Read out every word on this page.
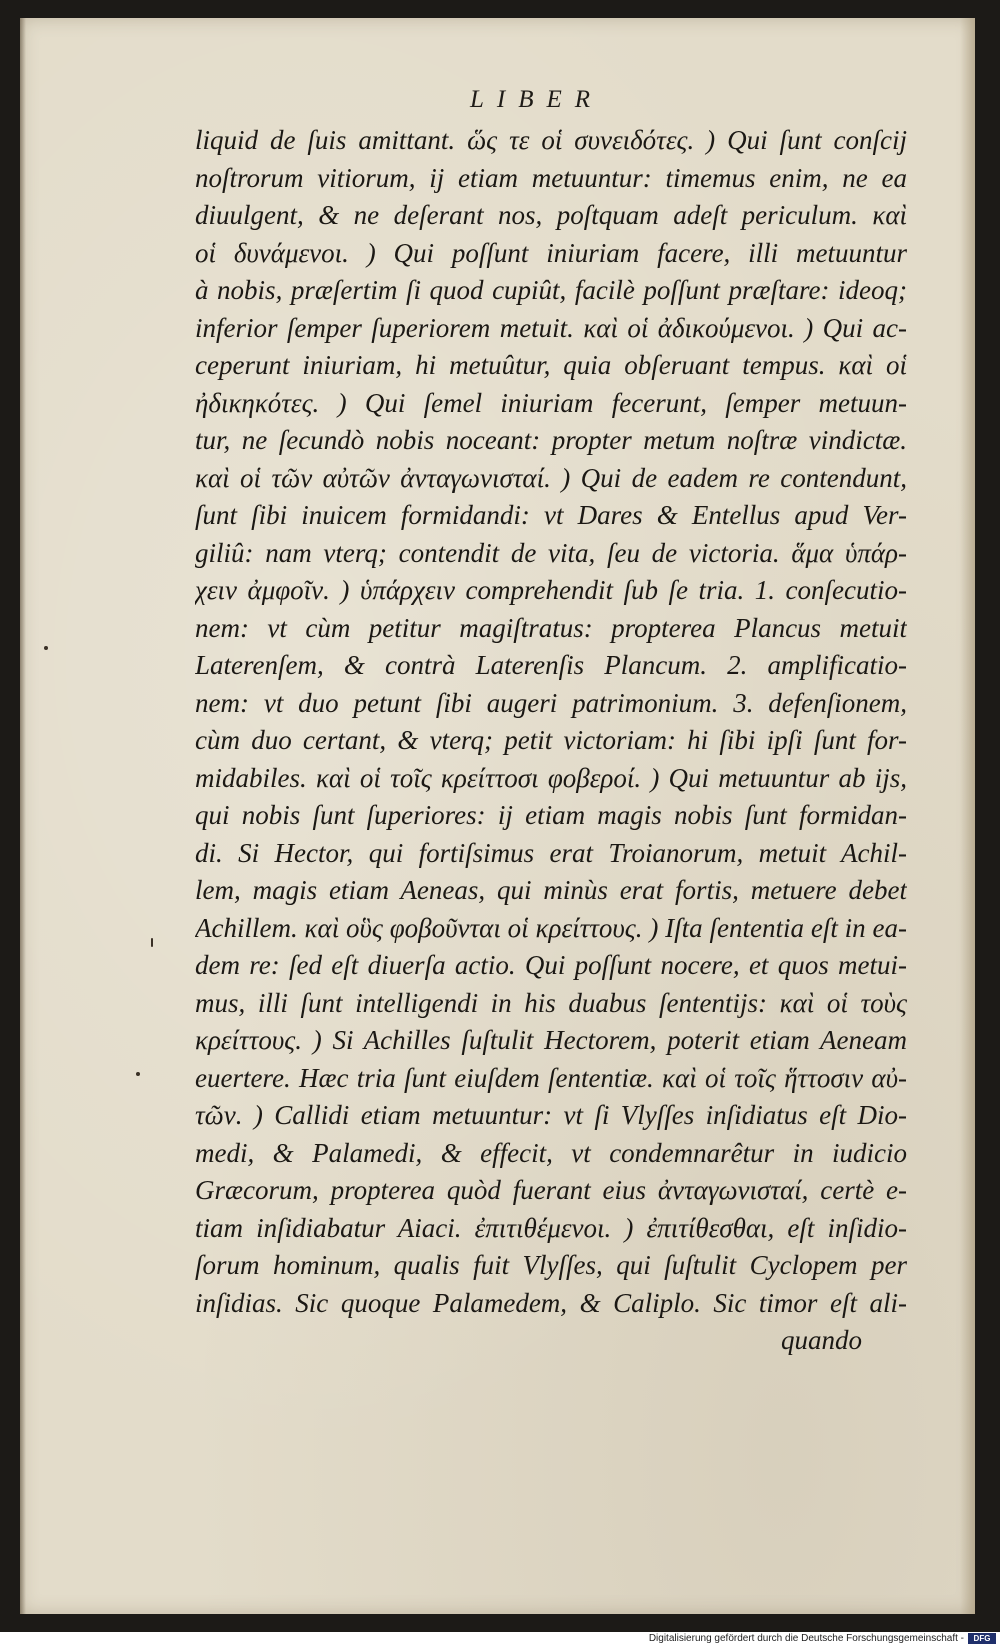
LIBER
liquid de ſuis amittant. ὥς τε οἱ συνειδότες. ) Qui ſunt conſcij
noſtrorum vitiorum, ij etiam metuuntur: timemus enim, ne ea
diuulgent, & ne deſerant nos, poſtquam adeſt periculum. καὶ
οἱ δυνάμενοι. ) Qui poſſunt iniuriam facere, illi metuuntur
à nobis, præſertim ſi quod cupiût, facilè poſſunt præſtare: ideoq;
inferior ſemper ſuperiorem metuit. καὶ οἱ ἀδικούμενοι. ) Qui ac-
ceperunt iniuriam, hi metuûtur, quia obſeruant tempus. καὶ οἱ
ἠδικηκότες. ) Qui ſemel iniuriam fecerunt, ſemper metuun-
tur, ne ſecundò nobis noceant: propter metum noſtræ vindictæ.
καὶ οἱ τῶν αὐτῶν ἀνταγωνισταί. ) Qui de eadem re contendunt,
ſunt ſibi inuicem formidandi: vt Dares & Entellus apud Ver-
giliû: nam vterq; contendit de vita, ſeu de victoria. ἅμα ὑπάρ-
χειν ἀμφοῖν. ) ὑπάρχειν comprehendit ſub ſe tria. 1. conſecutio-
nem: vt cùm petitur magiſtratus: propterea Plancus metuit
Laterenſem, & contrà Laterenſis Plancum. 2. amplificatio-
nem: vt duo petunt ſibi augeri patrimonium. 3. defenſionem,
cùm duo certant, & vterq; petit victoriam: hi ſibi ipſi ſunt for-
midabiles. καὶ οἱ τοῖς κρείττοσι φοβεροί. ) Qui metuuntur ab ijs,
qui nobis ſunt ſuperiores: ij etiam magis nobis ſunt formidan-
di. Si Hector, qui fortiſsimus erat Troianorum, metuit Achil-
lem, magis etiam Aeneas, qui minùs erat fortis, metuere debet
Achillem. καὶ οὓς φοβοῦνται οἱ κρείττους. ) Iſta ſententia eſt in ea-
dem re: ſed eſt diuerſa actio. Qui poſſunt nocere, et quos metui-
mus, illi ſunt intelligendi in his duabus ſententijs: καὶ οἱ τοὺς
κρείττους. ) Si Achilles ſuſtulit Hectorem, poterit etiam Aeneam
euertere. Hæc tria ſunt eiuſdem ſententiæ. καὶ οἱ τοῖς ἥττοσιν αὐ-
τῶν. ) Callidi etiam metuuntur: vt ſi Vlyſſes inſidiatus eſt Dio-
medi, & Palamedi, & effecit, vt condemnarêtur in iudicio
Græcorum, propterea quòd fuerant eius ἀνταγωνισταί, certè e-
tiam inſidiabatur Aiaci. ἐπιτιθέμενοι. ) ἐπιτίθεσθαι, eſt inſidio-
ſorum hominum, qualis fuit Vlyſſes, qui ſuſtulit Cyclopem per
inſidias. Sic quoque Palamedem, & Caliplo. Sic timor eſt ali-
quando
Digitalisierung gefördert durch die Deutsche Forschungsgemeinschaft -	DFG
